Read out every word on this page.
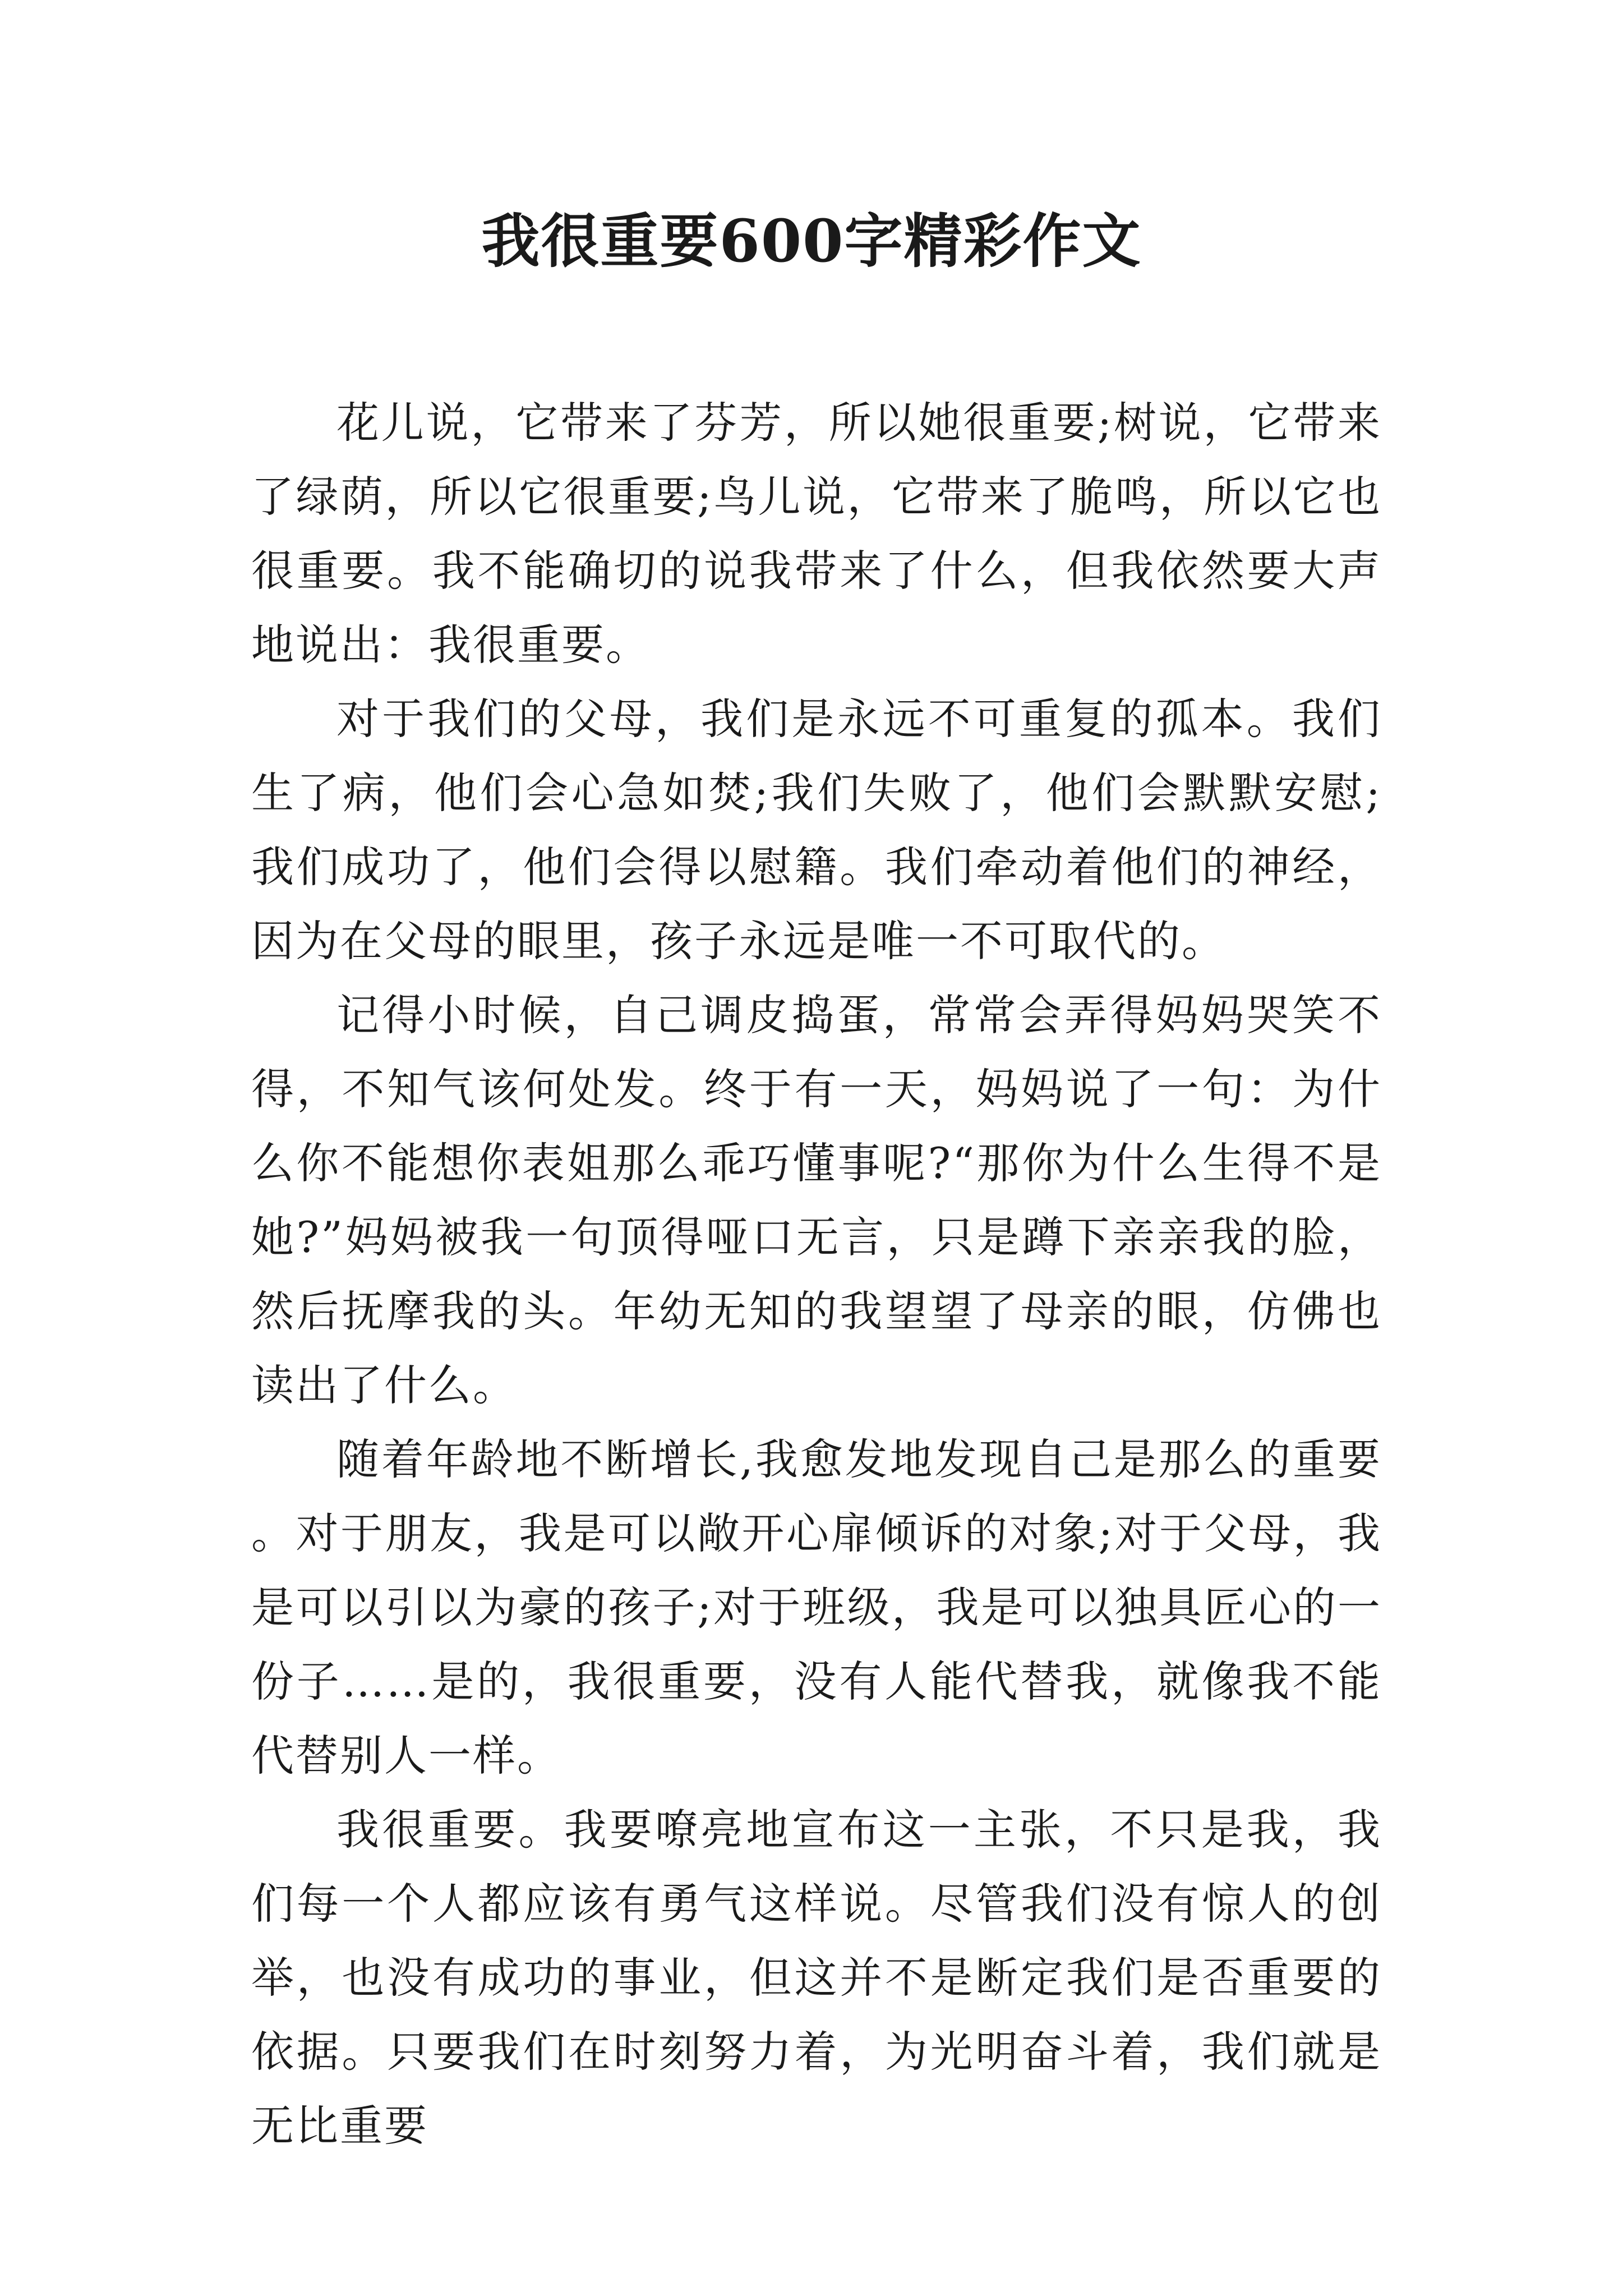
我很重要600字精彩作文

花儿说，它带来了芬芳，所以她很重要;树说，它带来了绿荫，所以它很重要;鸟儿说，它带来了脆鸣，所以它也很重要。我不能确切的说我带来了什么，但我依然要大声地说出：我很重要。

对于我们的父母，我们是永远不可重复的孤本。我们生了病，他们会心急如焚;我们失败了，他们会默默安慰;我们成功了，他们会得以慰籍。我们牵动着他们的神经，因为在父母的眼里，孩子永远是唯一不可取代的。

记得小时候，自己调皮捣蛋，常常会弄得妈妈哭笑不得，不知气该何处发。终于有一天，妈妈说了一句：为什么你不能想你表姐那么乖巧懂事呢?“那你为什么生得不是她?”妈妈被我一句顶得哑口无言，只是蹲下亲亲我的脸，然后抚摩我的头。年幼无知的我望望了母亲的眼，仿佛也读出了什么。

随着年龄地不断增长,我愈发地发现自己是那么的重要。对于朋友，我是可以敞开心扉倾诉的对象;对于父母，我是可以引以为豪的孩子;对于班级，我是可以独具匠心的一份子……是的，我很重要，没有人能代替我，就像我不能代替别人一样。

我很重要。我要嘹亮地宣布这一主张，不只是我，我们每一个人都应该有勇气这样说。尽管我们没有惊人的创举，也没有成功的事业，但这并不是断定我们是否重要的依据。只要我们在时刻努力着，为光明奋斗着，我们就是无比重要
